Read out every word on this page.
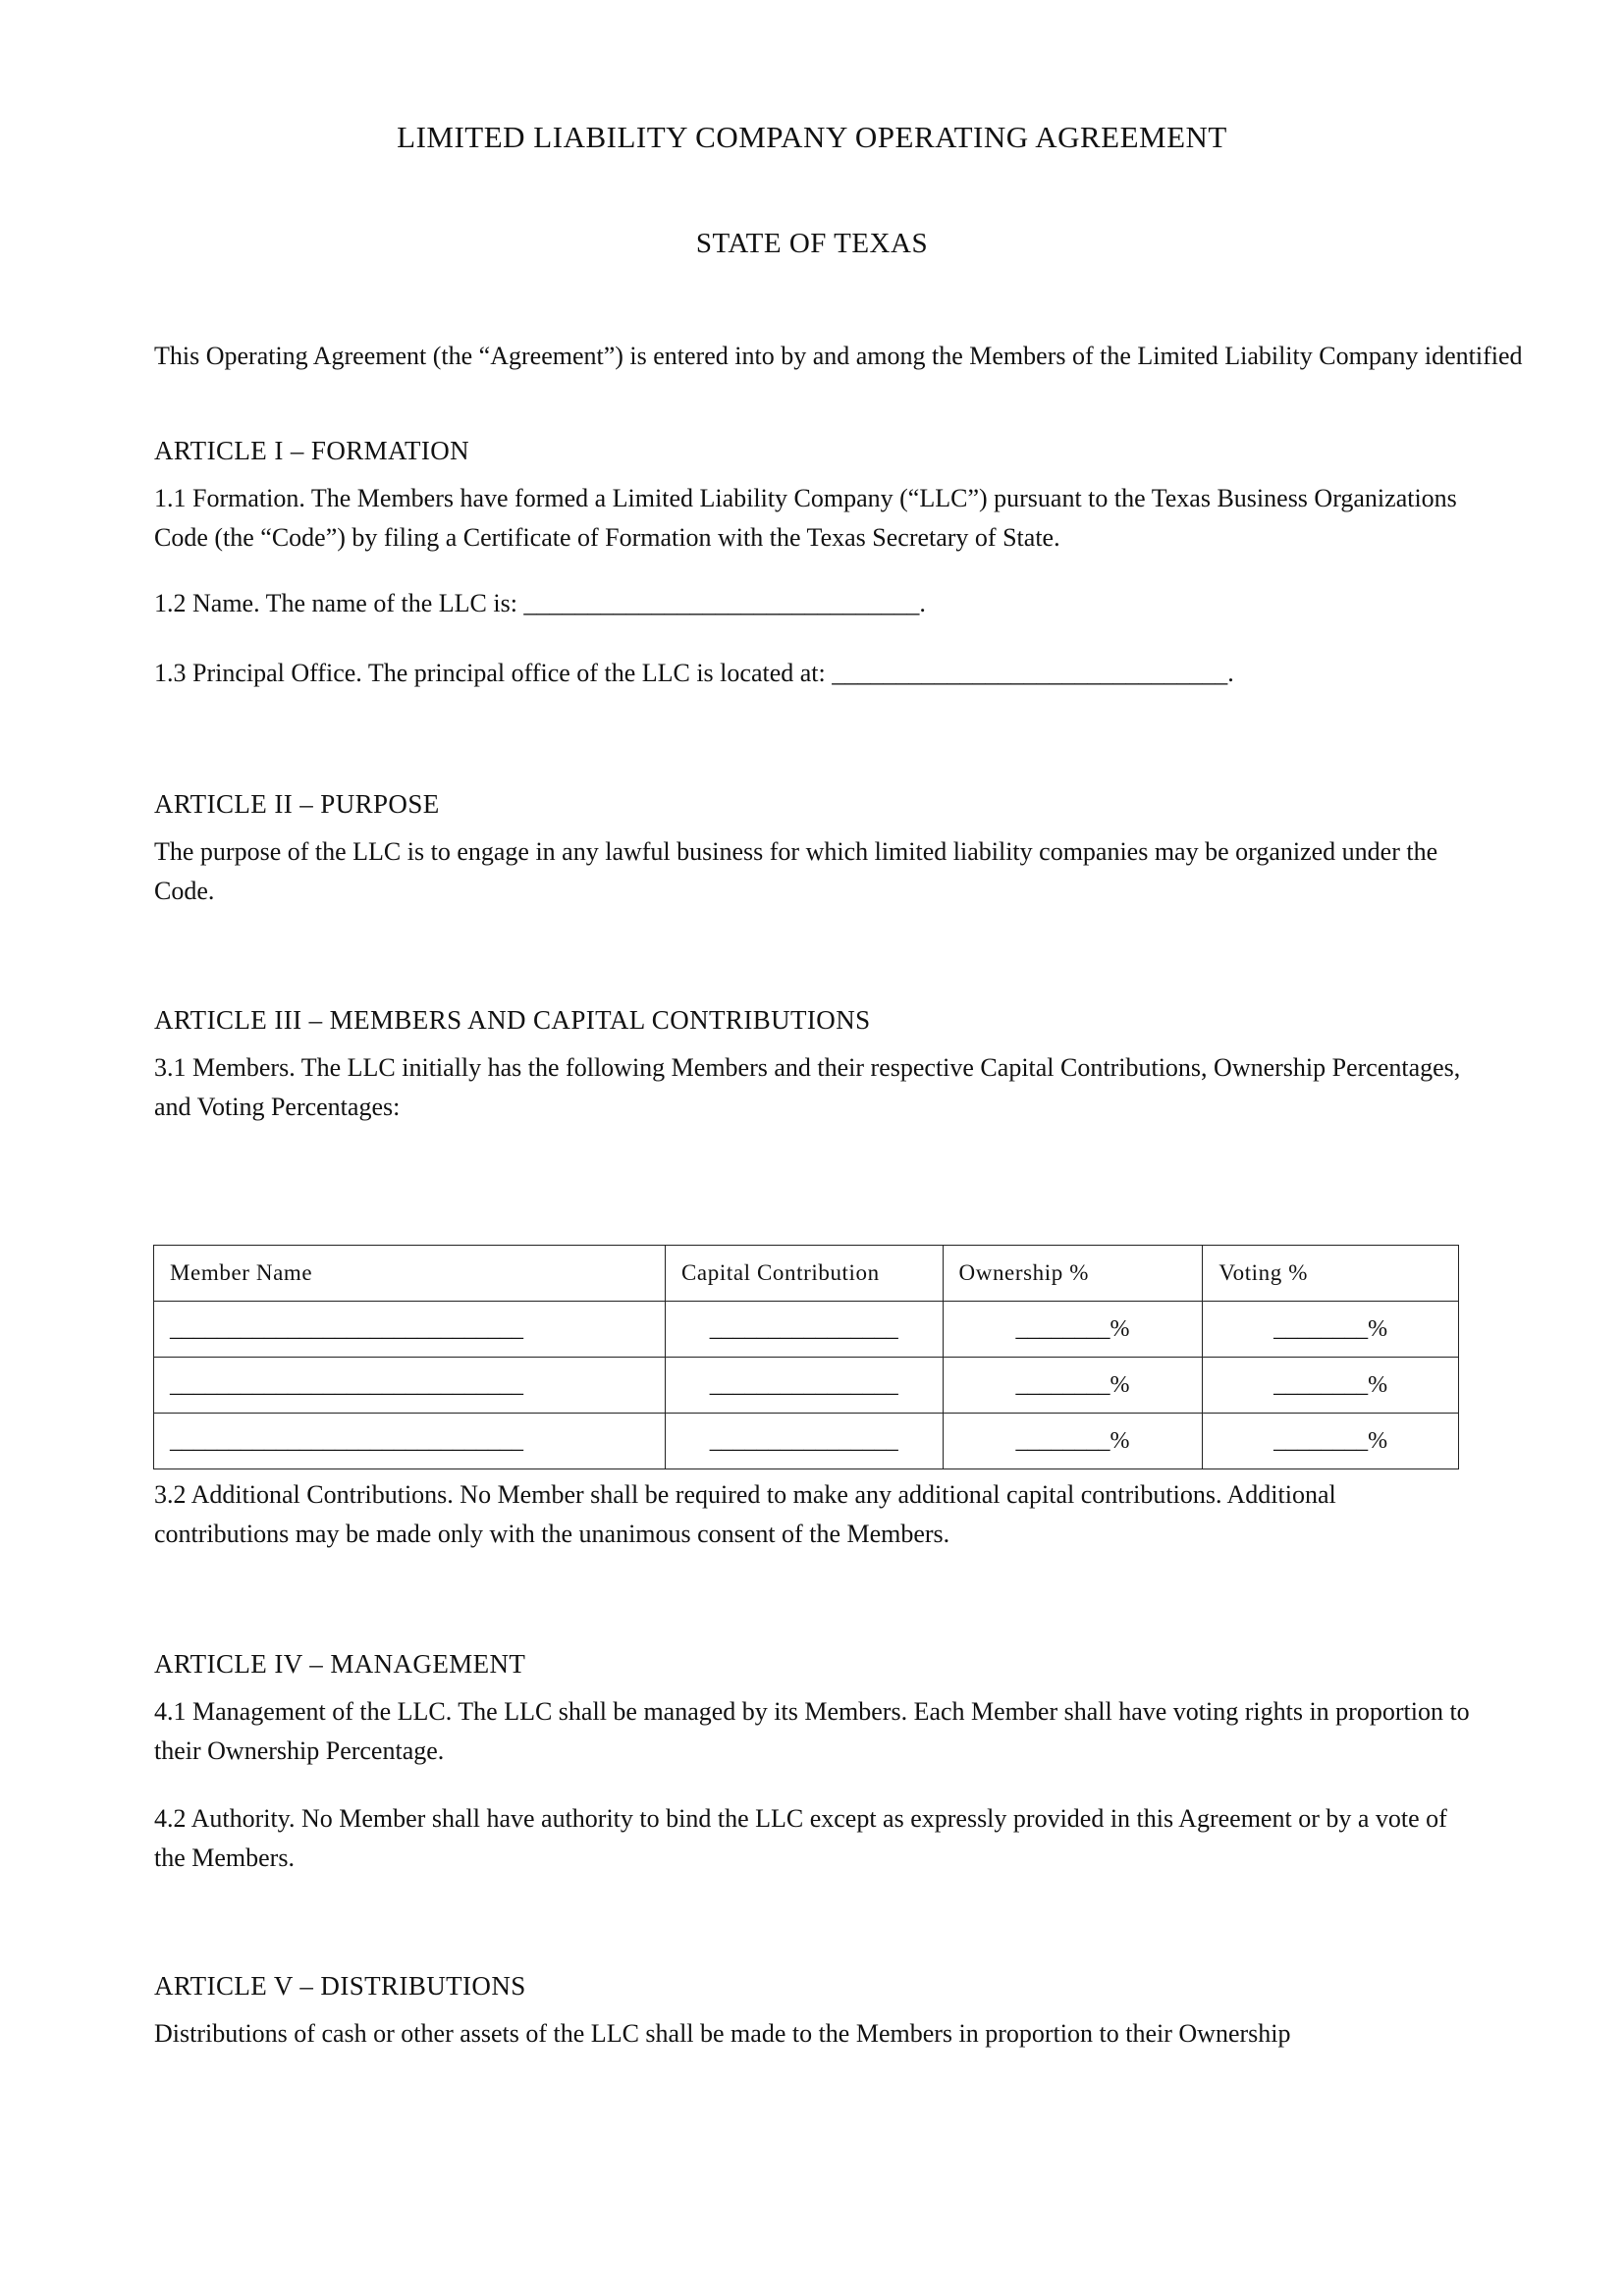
LIMITED LIABILITY COMPANY OPERATING AGREEMENT
STATE OF TEXAS
This Operating Agreement (the “Agreement”) is entered into by and among the Members of the Limited Liability Company identified
ARTICLE I – FORMATION
1.1 Formation. The Members have formed a Limited Liability Company (“LLC”) pursuant to the Texas Business Organizations Code (the “Code”) by filing a Certificate of Formation with the Texas Secretary of State.
1.2 Name. The name of the LLC is: _______________________________.
1.3 Principal Office. The principal office of the LLC is located at: _______________________________.
ARTICLE II – PURPOSE
The purpose of the LLC is to engage in any lawful business for which limited liability companies may be organized under the Code.
ARTICLE III – MEMBERS AND CAPITAL CONTRIBUTIONS
3.1 Members. The LLC initially has the following Members and their respective Capital Contributions, Ownership Percentages, and Voting Percentages:
Member Name	Capital Contribution	Ownership %	Voting %
______________________________	________________	________%	________%
______________________________	________________	________%	________%
______________________________	________________	________%	________%
3.2 Additional Contributions. No Member shall be required to make any additional capital contributions. Additional contributions may be made only with the unanimous consent of the Members.
ARTICLE IV – MANAGEMENT
4.1 Management of the LLC. The LLC shall be managed by its Members. Each Member shall have voting rights in proportion to their Ownership Percentage.
4.2 Authority. No Member shall have authority to bind the LLC except as expressly provided in this Agreement or by a vote of the Members.
ARTICLE V – DISTRIBUTIONS
Distributions of cash or other assets of the LLC shall be made to the Members in proportion to their Ownership
